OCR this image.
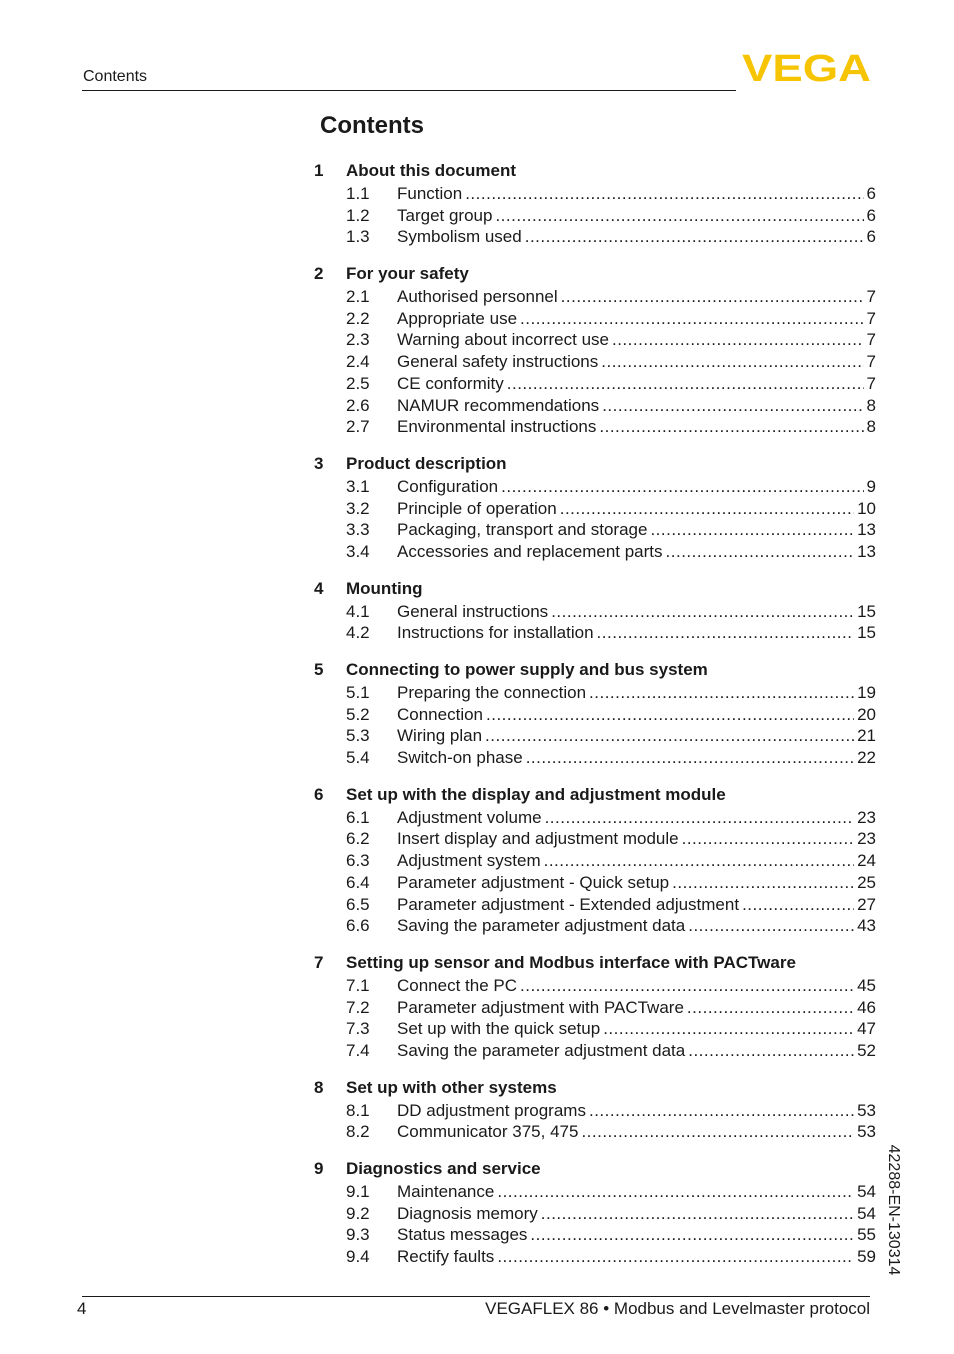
Contents	VEGA
Contents
1	About this document
1.1	Function .....	6
1.2	Target group .....	6
1.3	Symbolism used .....	6
2	For your safety
2.1	Authorised personnel .....	7
2.2	Appropriate use .....	7
2.3	Warning about incorrect use .....	7
2.4	General safety instructions .....	7
2.5	CE conformity .....	7
2.6	NAMUR recommendations .....	8
2.7	Environmental instructions .....	8
3	Product description
3.1	Configuration .....	9
3.2	Principle of operation .....	10
3.3	Packaging, transport and storage .....	13
3.4	Accessories and replacement parts .....	13
4	Mounting
4.1	General instructions .....	15
4.2	Instructions for installation .....	15
5	Connecting to power supply and bus system
5.1	Preparing the connection .....	19
5.2	Connection .....	20
5.3	Wiring plan .....	21
5.4	Switch-on phase .....	22
6	Set up with the display and adjustment module
6.1	Adjustment volume .....	23
6.2	Insert display and adjustment module .....	23
6.3	Adjustment system .....	24
6.4	Parameter adjustment - Quick setup .....	25
6.5	Parameter adjustment - Extended adjustment .....	27
6.6	Saving the parameter adjustment data .....	43
7	Setting up sensor and Modbus interface with PACTware
7.1	Connect the PC .....	45
7.2	Parameter adjustment with PACTware .....	46
7.3	Set up with the quick setup .....	47
7.4	Saving the parameter adjustment data .....	52
8	Set up with other systems
8.1	DD adjustment programs .....	53
8.2	Communicator 375, 475 .....	53
9	Diagnostics and service
9.1	Maintenance .....	54
9.2	Diagnosis memory .....	54
9.3	Status messages .....	55
9.4	Rectify faults .....	59 42288-EN-130314
4	VEGAFLEX 86 • Modbus and Levelmaster protocol
